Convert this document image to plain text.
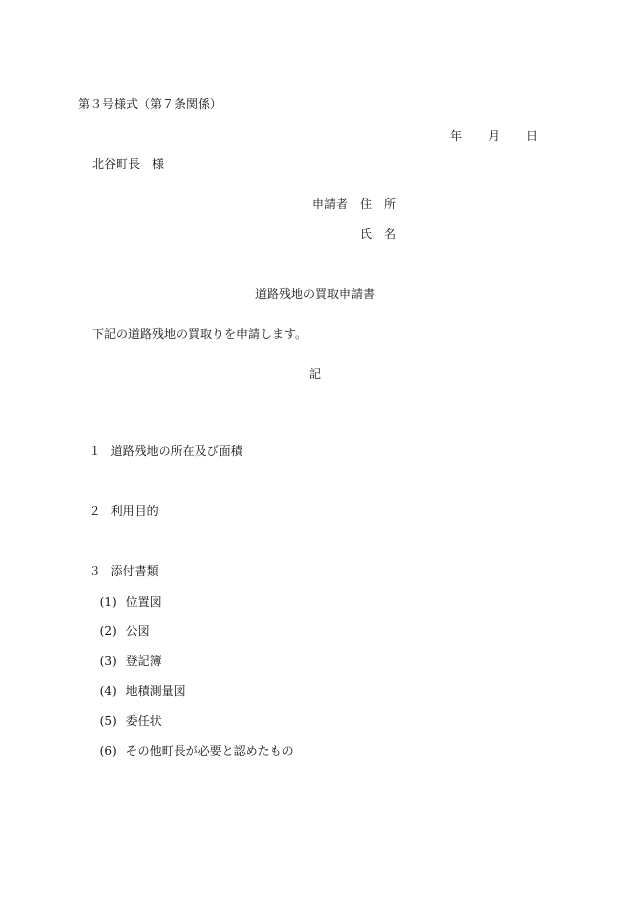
第３号様式（第７条関係）

年 月 日

北谷町長　様
申請者 住　所
氏　名
道路残地の買取申請書
下記の道路残地の買取りを申請します。
記

１ 道路残地の所在及び面積

２ 利用目的

３ 添付書類

(1) 位置図

(2) 公図

(3) 登記簿

(4) 地積測量図

(5) 委任状

(6) その他町長が必要と認めたもの
